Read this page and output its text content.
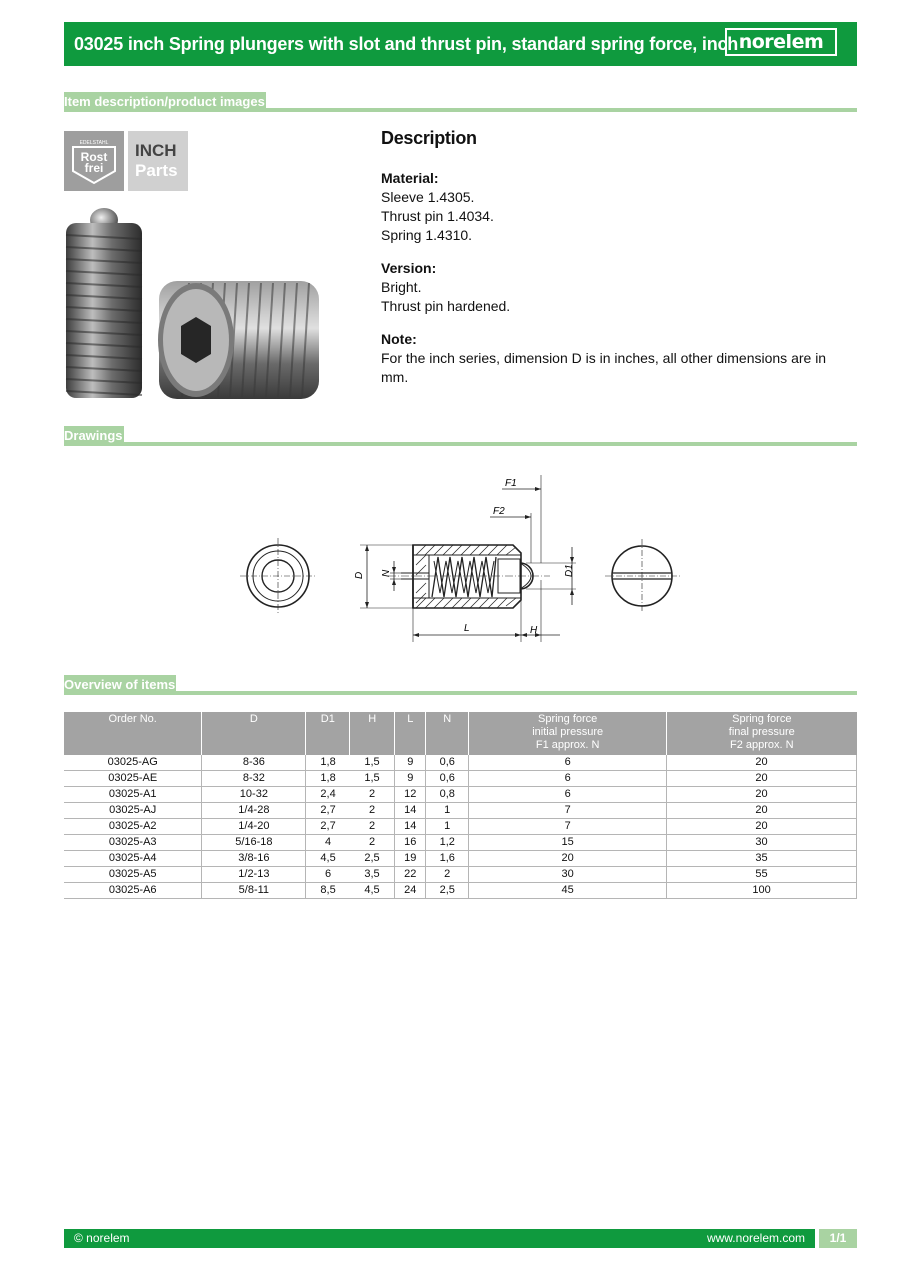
03025 inch Spring plungers with slot and thrust pin, standard spring force, inch norelem
Item description/product images
EDELSTAHL
Rost
frei
INCH
Parts
Description
Material:
Sleeve 1.4305.
Thrust pin 1.4034.
Spring 1.4310.
Version:
Bright.
Thrust pin hardened.
Note:
For the inch series, dimension D is in inches, all other dimensions are in mm.
Drawings
F1
F2
D N	D1
L	H
Overview of items
Order No.	D	D1	H	L	N	Spring force
initial pressure
F1 approx. N	Spring force
final pressure
F2 approx. N
03025-AG	8-36	1,8	1,5	9	0,6	6	20
03025-AE	8-32	1,8	1,5	9	0,6	6	20
03025-A1	10-32	2,4	2	12	0,8	6	20
03025-AJ	1/4-28	2,7	2	14	1	7	20
03025-A2	1/4-20	2,7	2	14	1	7	20
03025-A3	5/16-18	4	2	16	1,2	15	30
03025-A4	3/8-16	4,5	2,5	19	1,6	20	35
03025-A5	1/2-13	6	3,5	22	2	30	55
03025-A6	5/8-11	8,5	4,5	24	2,5	45	100
© norelem	www.norelem.com	1/1
